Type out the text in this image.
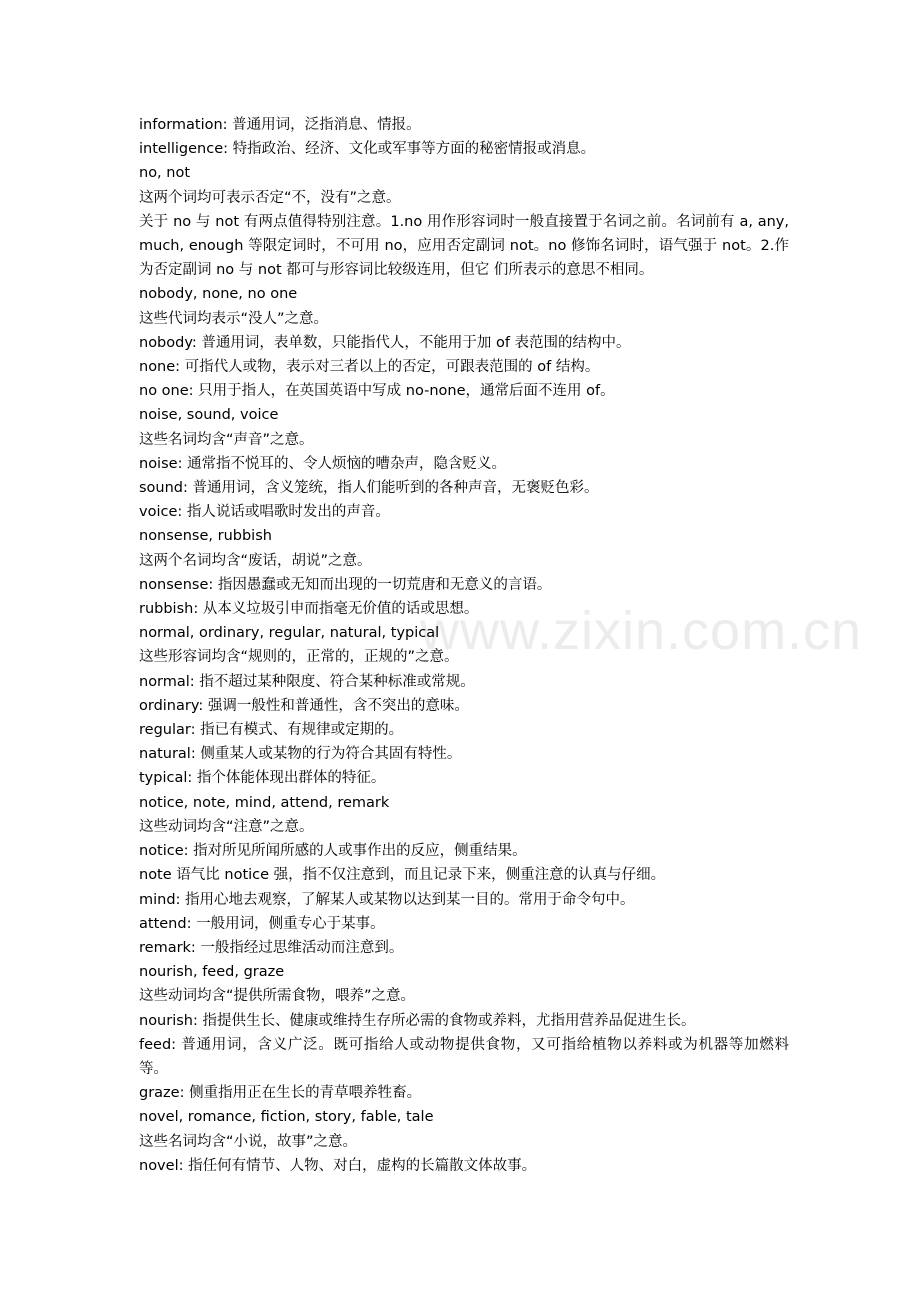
www.zixin.com.cn
information: 普通用词，泛指消息、情报。
intelligence: 特指政治、经济、文化或军事等方面的秘密情报或消息。
no, not
这两个词均可表示否定“不，没有”之意。
关于 no 与 not 有两点值得特别注意。1.no 用作形容词时一般直接置于名词之前。名词前有 a, any, much, enough 等限定词时，不可用 no，应用否定副词 not。no 修饰名词时，语气强于 not。2.作为否定副词 no 与 not 都可与形容词比较级连用，但它 们所表示的意思不相同。
nobody, none, no one
这些代词均表示“没人”之意。
nobody: 普通用词，表单数，只能指代人，不能用于加 of 表范围的结构中。
none: 可指代人或物，表示对三者以上的否定，可跟表范围的 of 结构。
no one: 只用于指人，在英国英语中写成 no-none，通常后面不连用 of。
noise, sound, voice
这些名词均含“声音”之意。
noise: 通常指不悦耳的、令人烦恼的嘈杂声，隐含贬义。
sound: 普通用词，含义笼统，指人们能听到的各种声音，无褒贬色彩。
voice: 指人说话或唱歌时发出的声音。
nonsense, rubbish
这两个名词均含“废话，胡说”之意。
nonsense: 指因愚蠢或无知而出现的一切荒唐和无意义的言语。
rubbish: 从本义垃圾引申而指毫无价值的话或思想。
normal, ordinary, regular, natural, typical
这些形容词均含“规则的，正常的，正规的”之意。
normal: 指不超过某种限度、符合某种标准或常规。
ordinary: 强调一般性和普通性，含不突出的意味。
regular: 指已有模式、有规律或定期的。
natural: 侧重某人或某物的行为符合其固有特性。
typical: 指个体能体现出群体的特征。
notice, note, mind, attend, remark
这些动词均含“注意”之意。
notice: 指对所见所闻所感的人或事作出的反应，侧重结果。
note 语气比 notice 强，指不仅注意到，而且记录下来，侧重注意的认真与仔细。
mind: 指用心地去观察，了解某人或某物以达到某一目的。常用于命令句中。
attend: 一般用词，侧重专心于某事。
remark: 一般指经过思维活动而注意到。
nourish, feed, graze
这些动词均含“提供所需食物，喂养”之意。
nourish: 指提供生长、健康或维持生存所必需的食物或养料，尤指用营养品促进生长。
feed: 普通用词，含义广泛。既可指给人或动物提供食物，又可指给植物以养料或为机器等加燃料等。
graze: 侧重指用正在生长的青草喂养牲畜。
novel, romance, fiction, story, fable, tale
这些名词均含“小说，故事”之意。
novel: 指任何有情节、人物、对白，虚构的长篇散文体故事。
